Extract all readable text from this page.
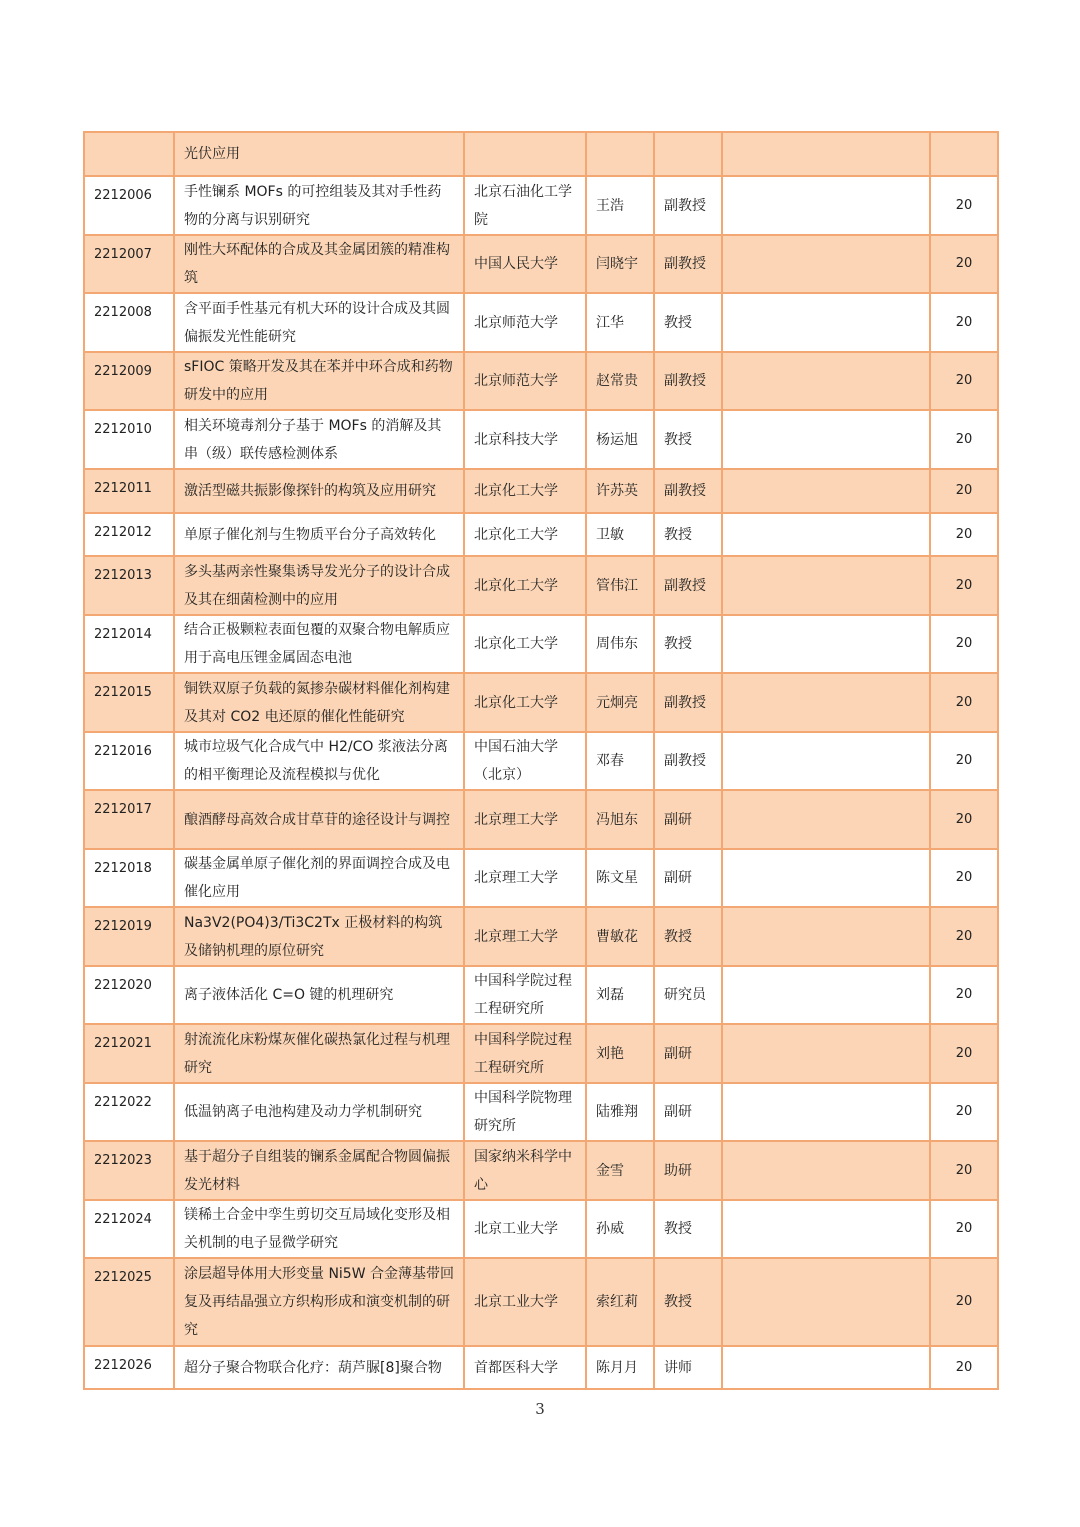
	光伏应用					
2212006	手性镧系 MOFs 的可控组装及其对手性药物的分离与识别研究	北京石油化工学院	王浩	副教授		20
2212007	刚性大环配体的合成及其金属团簇的精准构筑	中国人民大学	闫晓宇	副教授		20
2212008	含平面手性基元有机大环的设计合成及其圆偏振发光性能研究	北京师范大学	江华	教授		20
2212009	sFIOC 策略开发及其在苯并中环合成和药物研发中的应用	北京师范大学	赵常贵	副教授		20
2212010	相关环境毒剂分子基于 MOFs 的消解及其串（级）联传感检测体系	北京科技大学	杨运旭	教授		20
2212011	激活型磁共振影像探针的构筑及应用研究	北京化工大学	许苏英	副教授		20
2212012	单原子催化剂与生物质平台分子高效转化	北京化工大学	卫敏	教授		20
2212013	多头基两亲性聚集诱导发光分子的设计合成及其在细菌检测中的应用	北京化工大学	管伟江	副教授		20
2212014	结合正极颗粒表面包覆的双聚合物电解质应用于高电压锂金属固态电池	北京化工大学	周伟东	教授		20
2212015	铜铁双原子负载的氮掺杂碳材料催化剂构建及其对 CO2 电还原的催化性能研究	北京化工大学	元炯亮	副教授		20
2212016	城市垃圾气化合成气中 H2/CO 浆液法分离的相平衡理论及流程模拟与优化	中国石油大学（北京）	邓春	副教授		20
2212017	酿酒酵母高效合成甘草苷的途径设计与调控	北京理工大学	冯旭东	副研		20
2212018	碳基金属单原子催化剂的界面调控合成及电催化应用	北京理工大学	陈文星	副研		20
2212019	Na3V2(PO4)3/Ti3C2Tx 正极材料的构筑及储钠机理的原位研究	北京理工大学	曹敏花	教授		20
2212020	离子液体活化 C=O 键的机理研究	中国科学院过程工程研究所	刘磊	研究员		20
2212021	射流流化床粉煤灰催化碳热氯化过程与机理研究	中国科学院过程工程研究所	刘艳	副研		20
2212022	低温钠离子电池构建及动力学机制研究	中国科学院物理研究所	陆雅翔	副研		20
2212023	基于超分子自组装的镧系金属配合物圆偏振发光材料	国家纳米科学中心	金雪	助研		20
2212024	镁稀土合金中孪生剪切交互局域化变形及相关机制的电子显微学研究	北京工业大学	孙威	教授		20
2212025	涂层超导体用大形变量 Ni5W 合金薄基带回复及再结晶强立方织构形成和演变机制的研究	北京工业大学	索红莉	教授		20
2212026	超分子聚合物联合化疗：葫芦脲[8]聚合物	首都医科大学	陈月月	讲师		20
3
